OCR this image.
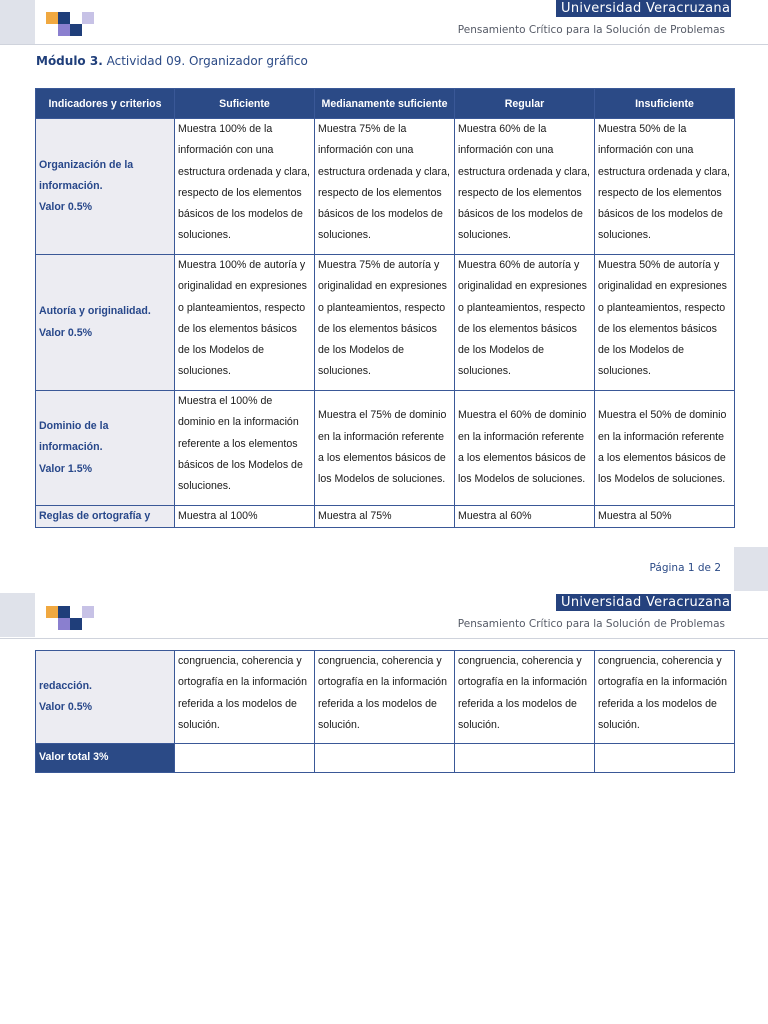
Universidad Veracruzana
Pensamiento Crítico para la Solución de Problemas
Módulo 3. Actividad 09. Organizador gráfico
Indicadores y criterios	Suficiente	Medianamente suficiente	Regular	Insuficiente

Organización de la
información.
Valor 0.5%	Muestra 100% de la información con una estructura ordenada y clara, respecto de los elementos básicos de los modelos de soluciones.	Muestra 75% de la información con una estructura ordenada y clara, respecto de los elementos básicos de los modelos de soluciones.	Muestra 60% de la información con una estructura ordenada y clara, respecto de los elementos básicos de los modelos de soluciones.	Muestra 50% de la información con una estructura ordenada y clara, respecto de los elementos básicos de los modelos de soluciones.

Autoría y originalidad.
Valor 0.5%	Muestra 100% de autoría y originalidad en expresiones o planteamientos, respecto de los elementos básicos de los Modelos de soluciones.	Muestra 75% de autoría y originalidad en expresiones o planteamientos, respecto de los elementos básicos de los Modelos de soluciones.	Muestra 60% de autoría y originalidad en expresiones o planteamientos, respecto de los elementos básicos de los Modelos de soluciones.	Muestra 50% de autoría y originalidad en expresiones o planteamientos, respecto de los elementos básicos de los Modelos de soluciones.

Dominio de la
información.
Valor 1.5%	Muestra el 100% de dominio en la información referente a los elementos básicos de los Modelos de soluciones.	Muestra el 75% de dominio en la información referente a los elementos básicos de los Modelos de soluciones.	Muestra el 60% de dominio en la información referente a los elementos básicos de los Modelos de soluciones.	Muestra el 50% de dominio en la información referente a los elementos básicos de los Modelos de soluciones.

Reglas de ortografía y	Muestra al 100%	Muestra al 75%	Muestra al 60%	Muestra al 50%
Página 1 de 2
Universidad Veracruzana
Pensamiento Crítico para la Solución de Problemas
redacción.
Valor 0.5%	congruencia, coherencia y ortografía en la información referida a los modelos de solución.	congruencia, coherencia y ortografía en la información referida a los modelos de solución.	congruencia, coherencia y ortografía en la información referida a los modelos de solución.	congruencia, coherencia y ortografía en la información referida a los modelos de solución.
Valor total 3%				
